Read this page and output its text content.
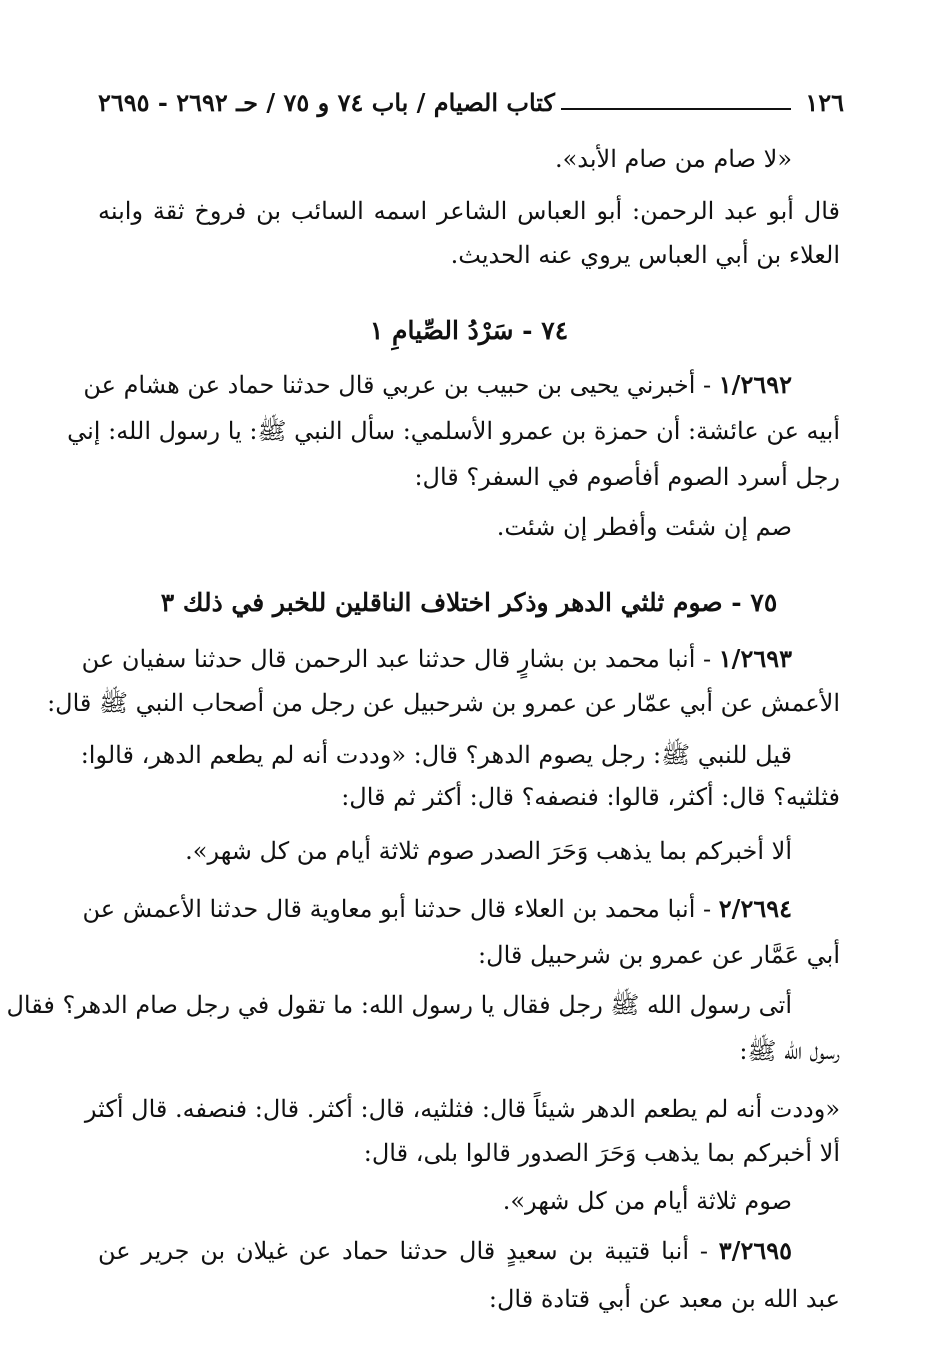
١٢٦
كتاب الصيام / باب ٧٤ و ٧٥ / حـ ٢٦٩٢ - ٢٦٩٥
«لا صام من صام الأبد».
قال أبو عبد الرحمن: أبو العباس الشاعر اسمه السائب بن فروخ ثقة وابنه
العلاء بن أبي العباس يروي عنه الحديث.
٧٤ - سَرْدُ الصِّيامِ ١
١/٢٦٩٢ - أخبرني يحيى بن حبيب بن عربي قال حدثنا حماد عن هشام عن
أبيه عن عائشة: أن حمزة بن عمرو الأسلمي: سأل النبي ﷺ: يا رسول الله: إني
رجل أسرد الصوم أفأصوم في السفر؟ قال:
صم إن شئت وأفطر إن شئت.
٧٥ - صوم ثلثي الدهر وذكر اختلاف الناقلين للخبر في ذلك ٣
١/٢٦٩٣ - أنبا محمد بن بشارٍ قال حدثنا عبد الرحمن قال حدثنا سفيان عن
الأعمش عن أبي عمّار عن عمرو بن شرحبيل عن رجل من أصحاب النبي ﷺ قال:
قيل للنبي ﷺ: رجل يصوم الدهر؟ قال: «وددت أنه لم يطعم الدهر، قالوا:
فثلثيه؟ قال: أكثر، قالوا: فنصفه؟ قال: أكثر ثم قال:
ألا أخبركم بما يذهب وَحَرَ الصدر صوم ثلاثة أيام من كل شهر».
٢/٢٦٩٤ - أنبا محمد بن العلاء قال حدثنا أبو معاوية قال حدثنا الأعمش عن
أبي عَمَّار عن عمرو بن شرحبيل قال:
أتى رسول الله ﷺ رجل فقال يا رسول الله: ما تقول في رجل صام الدهر؟ فقال
رسول الله ﷺ:
«وددت أنه لم يطعم الدهر شيئاً قال: فثلثيه، قال: أكثر. قال: فنصفه. قال أكثر
ألا أخبركم بما يذهب وَحَرَ الصدور قالوا بلى، قال:
صوم ثلاثة أيام من كل شهر».
٣/٢٦٩٥ - أنبا قتيبة بن سعيدٍ قال حدثنا حماد عن غيلان بن جرير عن
عبد الله بن معبد عن أبي قتادة قال:
